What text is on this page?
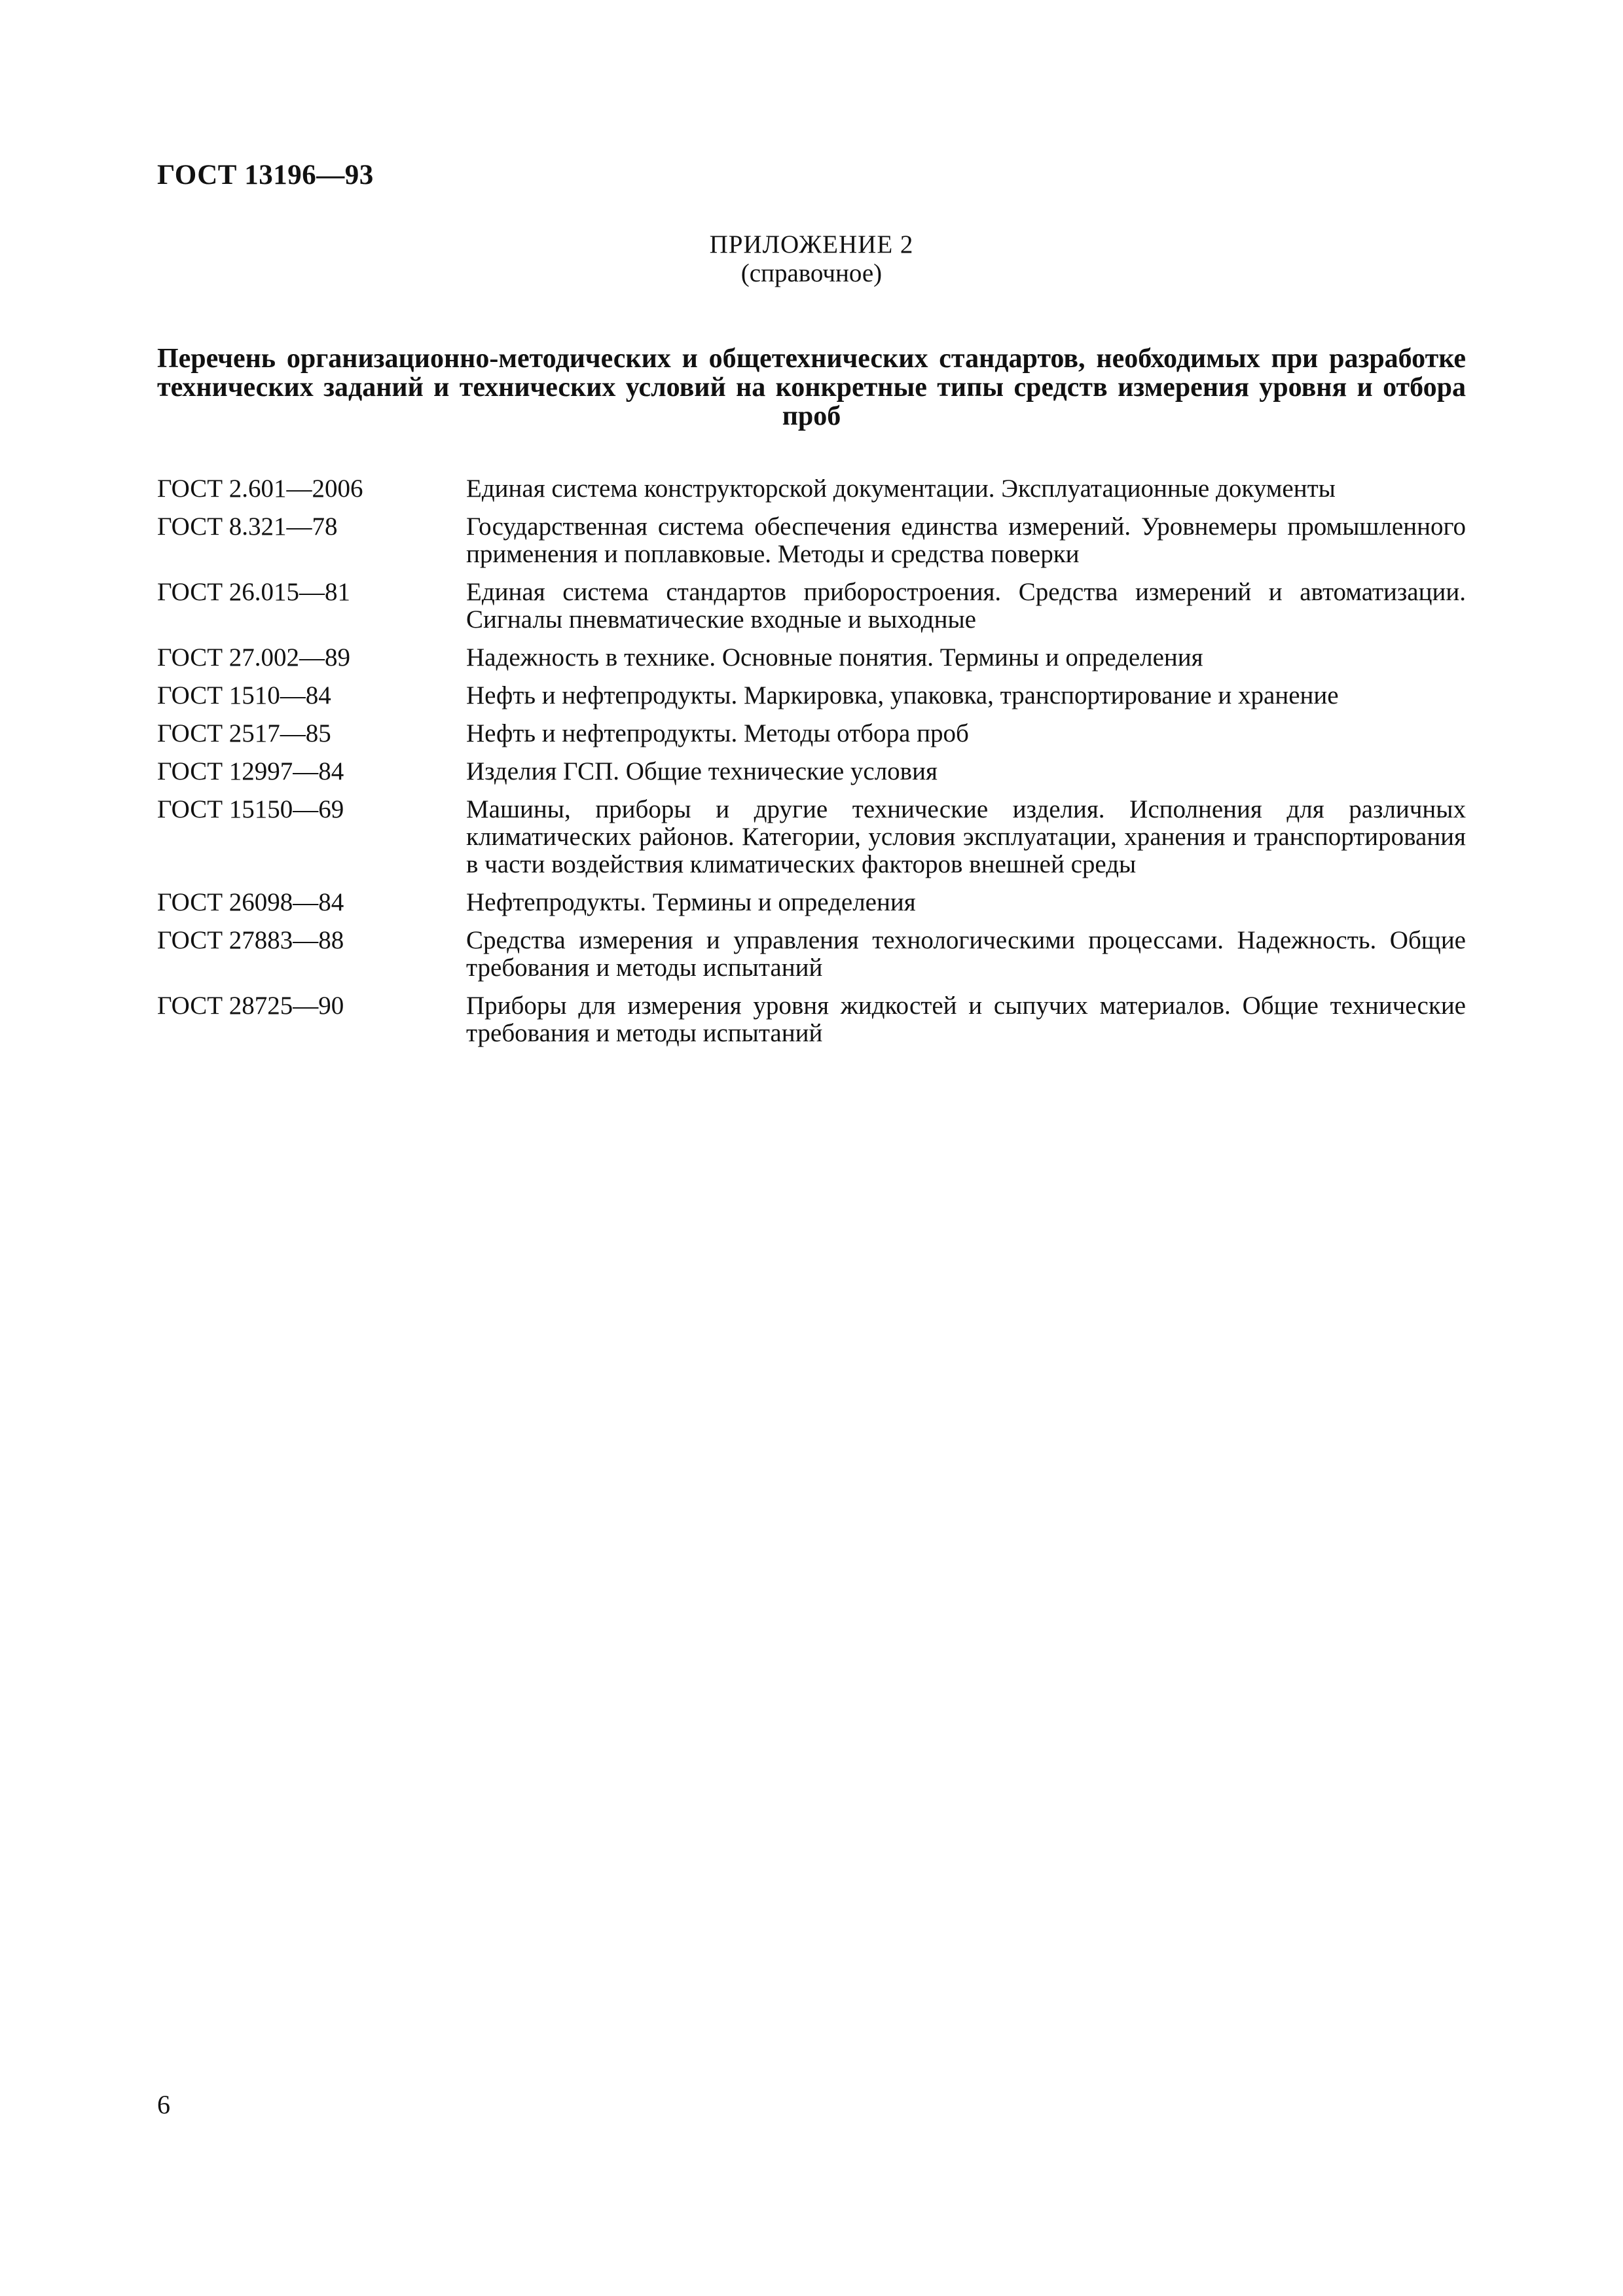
ГОСТ 13196—93
ПРИЛОЖЕНИЕ 2
(справочное)
Перечень организационно-методических и общетехнических стандартов, необходимых при разработке технических заданий и технических условий на конкретные типы средств измерения уровня и отбора проб
ГОСТ 2.601—2006	Единая система конструкторской документации. Эксплуатационные документы
ГОСТ 8.321—78	Государственная система обеспечения единства измерений. Уровнемеры промышленного применения и поплавковые. Методы и средства поверки
ГОСТ 26.015—81	Единая система стандартов приборостроения. Средства измерений и автоматизации. Сигналы пневматические входные и выходные
ГОСТ 27.002—89	Надежность в технике. Основные понятия. Термины и определения
ГОСТ 1510—84	Нефть и нефтепродукты. Маркировка, упаковка, транспортирование и хранение
ГОСТ 2517—85	Нефть и нефтепродукты. Методы отбора проб
ГОСТ 12997—84	Изделия ГСП. Общие технические условия
ГОСТ 15150—69	Машины, приборы и другие технические изделия. Исполнения для различных климатических районов. Категории, условия эксплуатации, хранения и транспортирования в части воздействия климатических факторов внешней среды
ГОСТ 26098—84	Нефтепродукты. Термины и определения
ГОСТ 27883—88	Средства измерения и управления технологическими процессами. Надежность. Общие требования и методы испытаний
ГОСТ 28725—90	Приборы для измерения уровня жидкостей и сыпучих материалов. Общие технические требования и методы испытаний
6
